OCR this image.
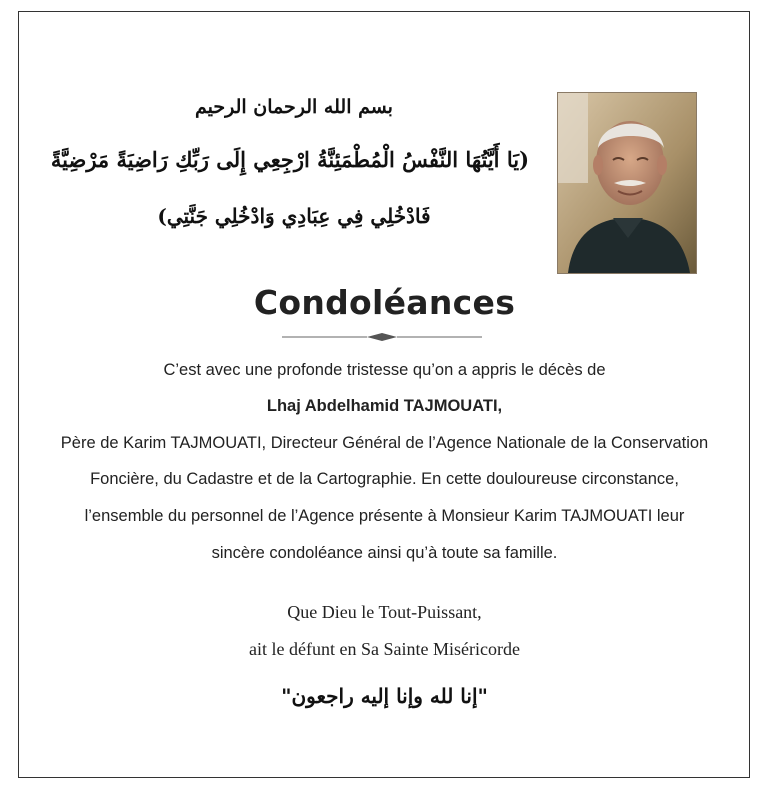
بسم الله الرحمان الرحيم
(يَا أَيَّتُهَا النَّفْسُ الْمُطْمَئِنَّةُ ارْجِعِي إِلَى رَبِّكِ رَاضِيَةً مَرْضِيَّةً
فَادْخُلِي فِي عِبَادِي وَادْخُلِي جَنَّتِي)
Condoléances
C’est avec une profonde tristesse qu’on a appris le décès de
Lhaj Abdelhamid TAJMOUATI,
Père de Karim TAJMOUATI, Directeur Général de l’Agence Nationale de la Conservation
Foncière, du Cadastre et de la Cartographie. En cette douloureuse circonstance,
l’ensemble du personnel de l’Agence présente à Monsieur Karim TAJMOUATI leur
sincère condoléance ainsi qu’à toute sa famille.
Que Dieu le Tout-Puissant,
ait le défunt en Sa Sainte Miséricorde
"إنا لله وإنا إليه راجعون"
